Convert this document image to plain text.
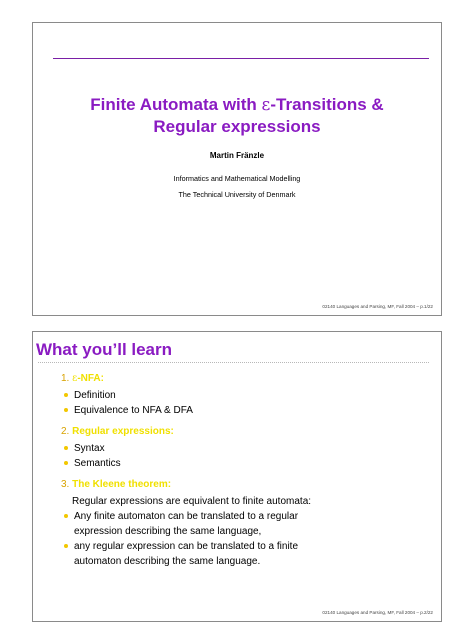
Finite Automata with ε-Transitions &
Regular expressions
Martin Fränzle
Informatics and Mathematical Modelling
The Technical University of Denmark
02140 Languages and Parsing, MF, Fall 2004 – p.1/22
What you’ll learn
1. ε-NFA:
Definition
Equivalence to NFA & DFA
2. Regular expressions:
Syntax
Semantics
3. The Kleene theorem:
Regular expressions are equivalent to finite automata:
Any finite automaton can be translated to a regular
expression describing the same language,
any regular expression can be translated to a finite
automaton describing the same language.
02140 Languages and Parsing, MF, Fall 2004 – p.2/22
